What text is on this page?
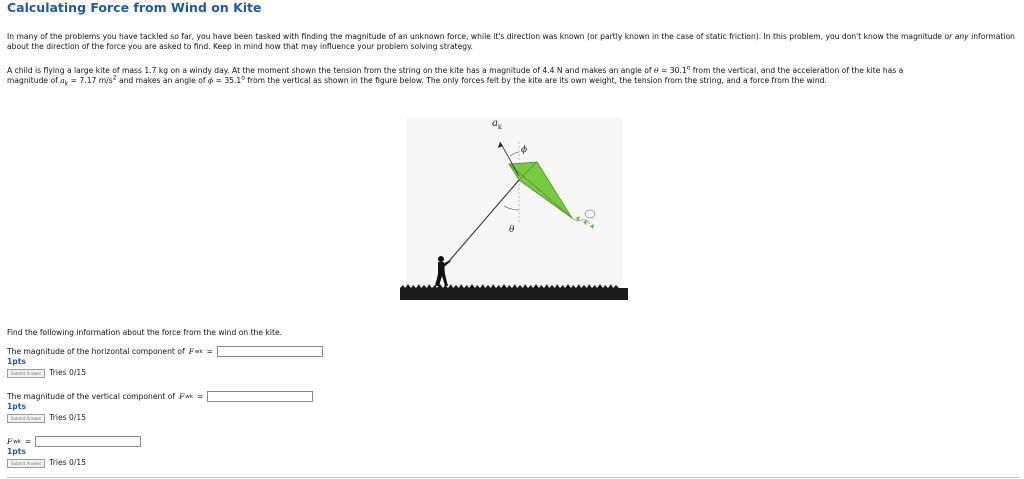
Calculating Force from Wind on Kite

In many of the problems you have tackled so far, you have been tasked with finding the magnitude of an unknown force, while it's direction was known (or partly known in the case of static friction). In this problem, you don't know the magnitude or any information about the direction of the force you are asked to find. Keep in mind how that may influence your problem solving strategy.

A child is flying a large kite of mass 1.7 kg on a windy day. At the moment shown the tension from the string on the kite has a magnitude of 4.4 N and makes an angle of $\theta = 30.1^o$ from the vertical, and the acceleration of the kite has a
magnitude of $a_k = 7.17$ $m/s^2$ and makes an angle of $\phi = 35.1^o$ from the vertical as shown in the figure below. The only forces felt by the kite are its own weight, the tension from the string, and a force from the wind.

a k
ϕ
θ
Find the following information about the force from the wind on the kite.
The magnitude of the horizontal component of F wk =
1pts
Submit Answer Tries 0/15
The magnitude of the vertical component of F wk =
1pts
Submit Answer Tries 0/15
F wk =
1pts
Submit Answer Tries 0/15
